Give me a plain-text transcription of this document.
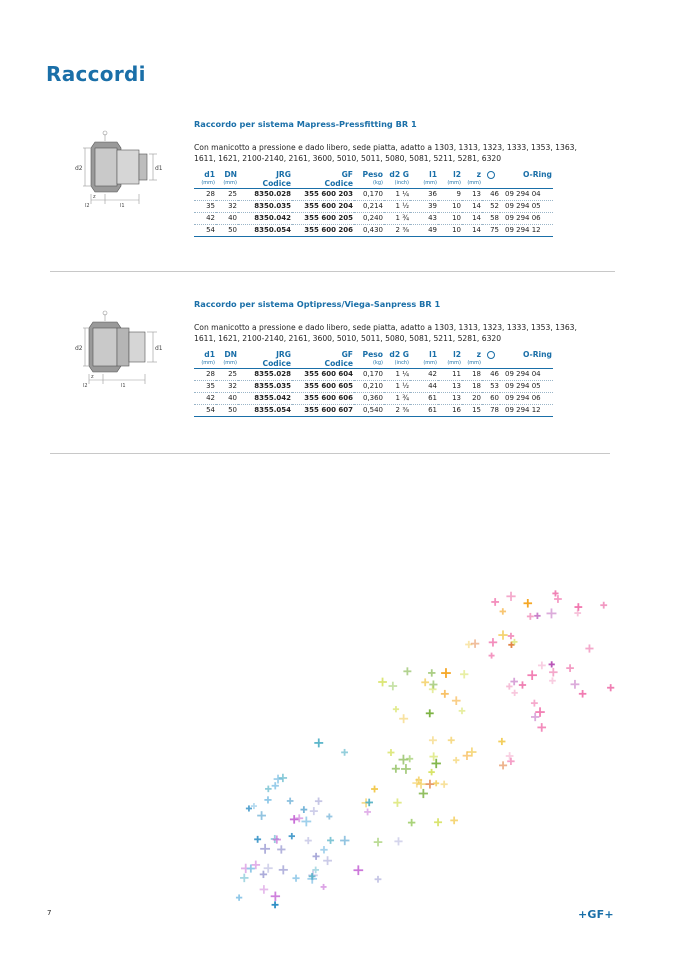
Raccordi
d2	d1
z
l2	l1

Raccordo per sistema Mapress-Pressfitting BR 1

Con manicotto a pressione e dado libero, sede piatta, adatto a 1303, 1313, 1323, 1333, 1353, 1363, 1611, 1621, 2100-2140, 2161, 3600, 5010, 5011, 5080, 5081, 5211, 5281, 6320

d1	DN	JRG	GF	Peso	d2 G	l1	l2	z		O-Ring
(mm)	(mm)	Codice	Codice	(kg)	(inch)	(mm)	(mm)	(mm)		
28	25	8350.028	355 600 203	0,170	1 ¼	36	9	13	46	09 294 04
35	32	8350.035	355 600 204	0,214	1 ½	39	10	14	52	09 294 05
42	40	8350.042	355 600 205	0,240	1 ¾	43	10	14	58	09 294 06
54	50	8350.054	355 600 206	0,430	2 ⅜	49	10	14	75	09 294 12
d2	d1
z
l2	l1

Raccordo per sistema Optipress/Viega-Sanpress BR 1

Con manicotto a pressione e dado libero, sede piatta, adatto a 1303, 1313, 1323, 1333, 1353, 1363, 1611, 1621, 2100-2140, 2161, 3600, 5010, 5011, 5080, 5081, 5211, 5281, 6320

d1	DN	JRG	GF	Peso	d2 G	l1	l2	z		O-Ring
(mm)	(mm)	Codice	Codice	(kg)	(inch)	(mm)	(mm)	(mm)		
28	25	8355.028	355 600 604	0,170	1 ¼	42	11	18	46	09 294 04
35	32	8355.035	355 600 605	0,210	1 ½	44	13	18	53	09 294 05
42	40	8355.042	355 600 606	0,360	1 ¾	61	13	20	60	09 294 06
54	50	8355.054	355 600 607	0,540	2 ⅜	61	16	15	78	09 294 12
7	+GF+
